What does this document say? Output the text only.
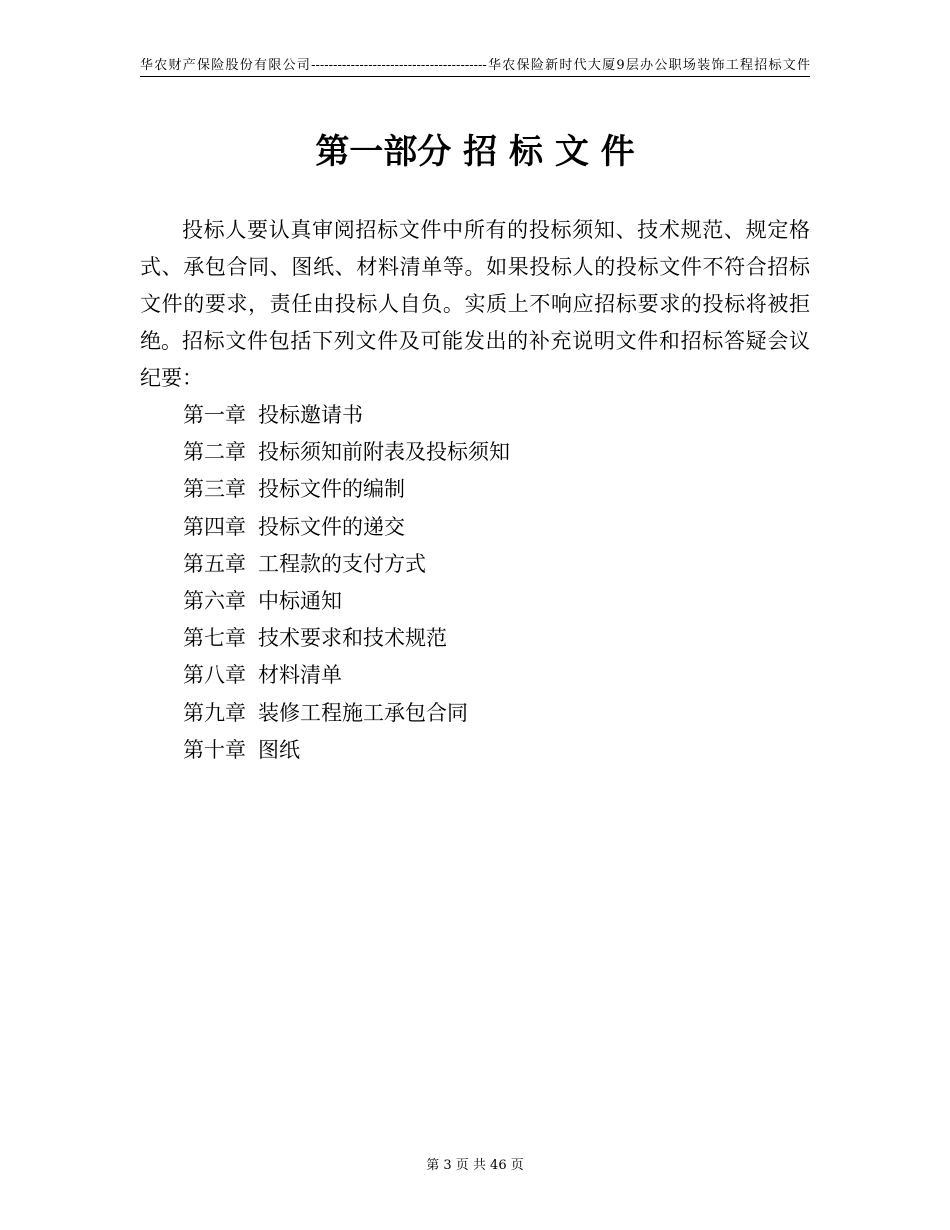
华农财产保险股份有限公司----------------------------------------华农保险新时代大厦9层办公职场装饰工程招标文件
第一部分 招 标 文 件

投标人要认真审阅招标文件中所有的投标须知、技术规范、规定格式、承包合同、图纸、材料清单等。如果投标人的投标文件不符合招标文件的要求，责任由投标人自负。实质上不响应招标要求的投标将被拒绝。 招标文件包括下列文件及可能发出的补充说明文件和招标答疑会议纪要：

第一章 投标邀请书
第二章 投标须知前附表及投标须知
第三章 投标文件的编制
第四章 投标文件的递交
第五章 工程款的支付方式
第六章 中标通知
第七章 技术要求和技术规范
第八章 材料清单
第九章 装修工程施工承包合同
第十章 图纸
第 3 页 共 46 页
